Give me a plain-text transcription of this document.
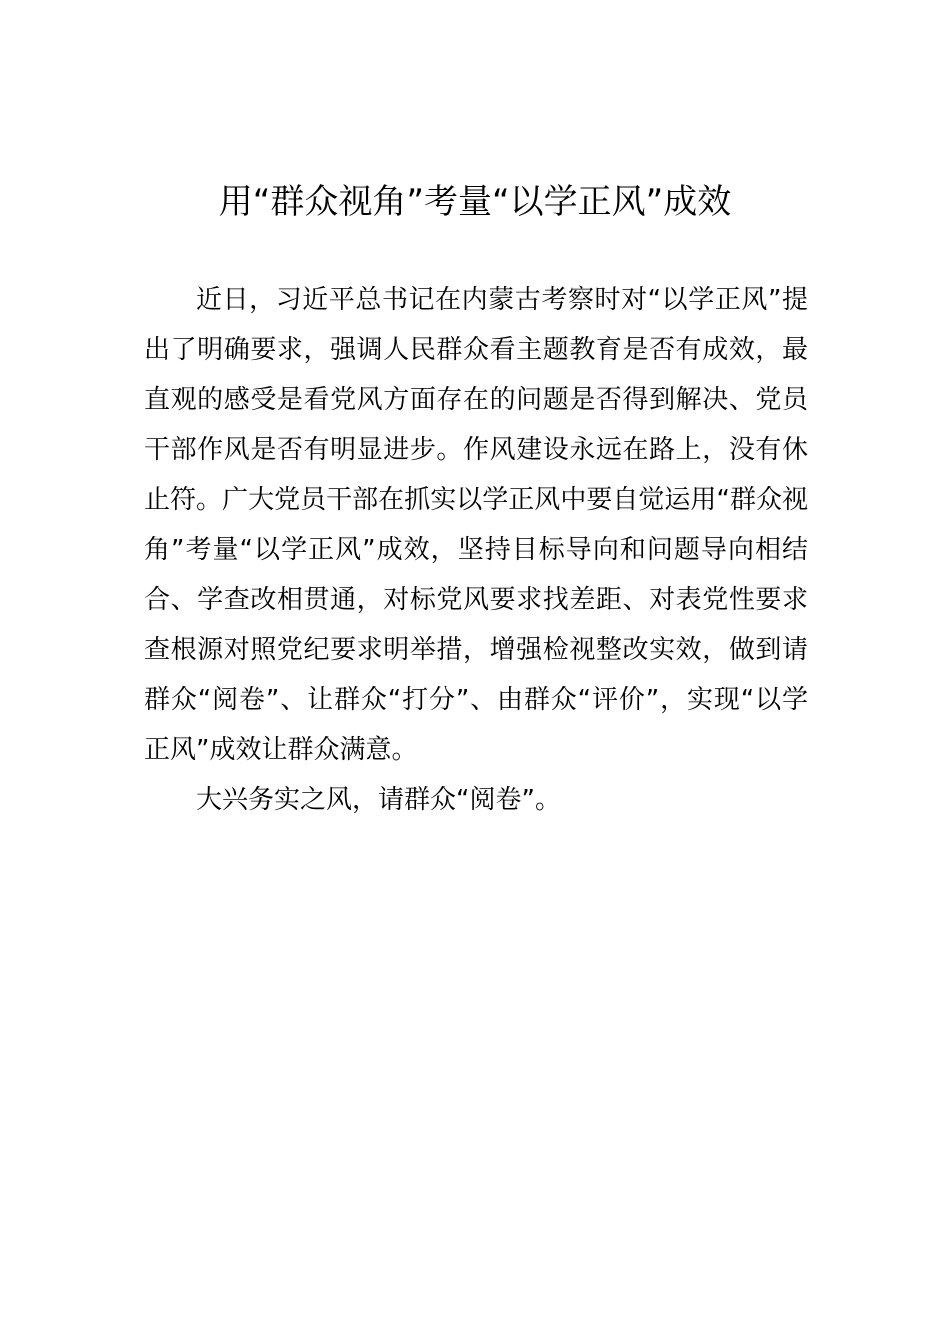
用“群众视角”考量“以学正风”成效

近日，习近平总书记在内蒙古考察时对“以学正风”提出了明确要求，强调人民群众看主题教育是否有成效，最直观的感受是看党风方面存在的问题是否得到解决、党员干部作风是否有明显进步。作风建设永远在路上，没有休止符。广大党员干部在抓实以学正风中要自觉运用“群众视角”考量“以学正风”成效，坚持目标导向和问题导向相结合、学查改相贯通，对标党风要求找差距、对表党性要求查根源对照党纪要求明举措，增强检视整改实效，做到请群众“阅卷”、让群众“打分”、由群众“评价”，实现“以学正风”成效让群众满意。

大兴务实之风，请群众“阅卷”。
